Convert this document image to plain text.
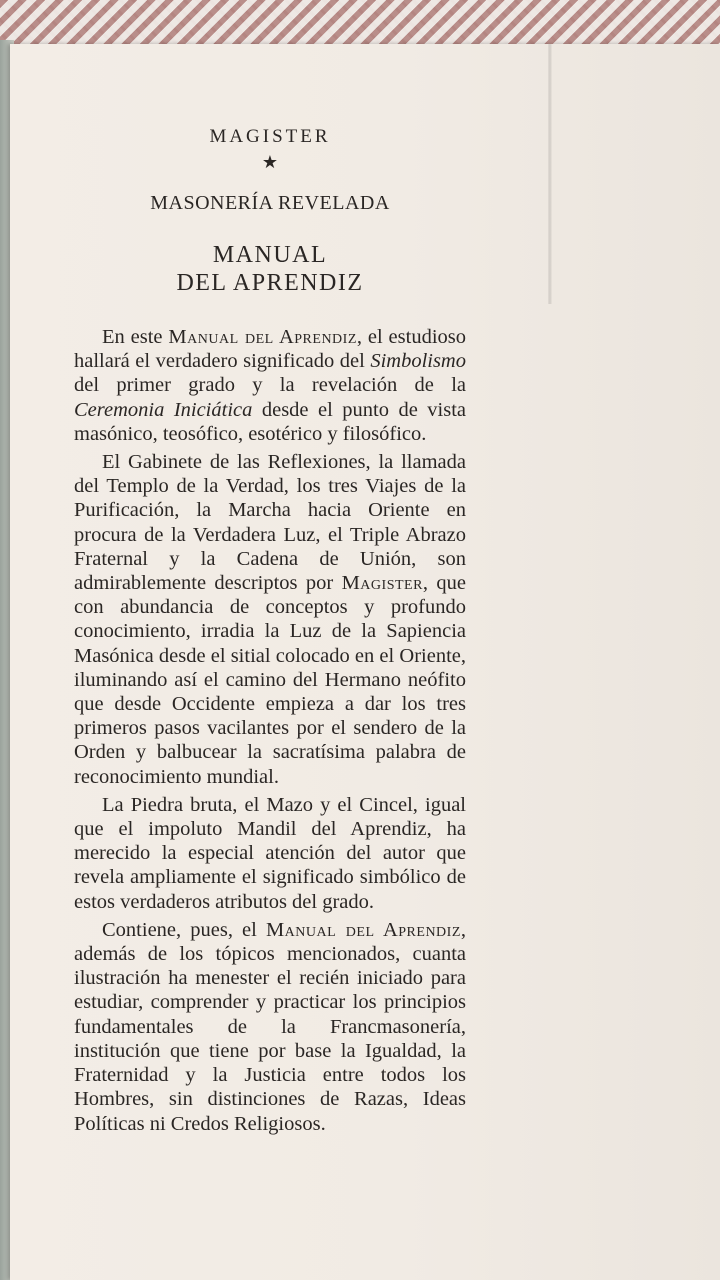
MAGISTER
★
MASONERÍA REVELADA
MANUAL
DEL APRENDIZ

En este Manual del Aprendiz, el estudioso hallará el verdadero significado del Simbolismo del primer grado y la revelación de la Ceremonia Iniciática desde el punto de vista masónico, teosófico, esotérico y filosófico.

El Gabinete de las Reflexiones, la llamada del Templo de la Verdad, los tres Viajes de la Purificación, la Marcha hacia Oriente en procura de la Verdadera Luz, el Triple Abrazo Fraternal y la Cadena de Unión, son admirablemente descriptos por Magister, que con abundancia de conceptos y profundo conocimiento, irradia la Luz de la Sapiencia Masónica desde el sitial colocado en el Oriente, iluminando así el camino del Hermano neófito que desde Occidente empieza a dar los tres primeros pasos vacilantes por el sendero de la Orden y balbucear la sacratísima palabra de reconocimiento mundial.

La Piedra bruta, el Mazo y el Cincel, igual que el impoluto Mandil del Aprendiz, ha merecido la especial atención del autor que revela ampliamente el significado simbólico de estos verdaderos atributos del grado.

Contiene, pues, el Manual del Aprendiz, además de los tópicos mencionados, cuanta ilustración ha menester el recién iniciado para estudiar, comprender y practicar los principios fundamentales de la Francmasonería, institución que tiene por base la Igualdad, la Fraternidad y la Justicia entre todos los Hombres, sin distinciones de Razas, Ideas Políticas ni Credos Religiosos.
